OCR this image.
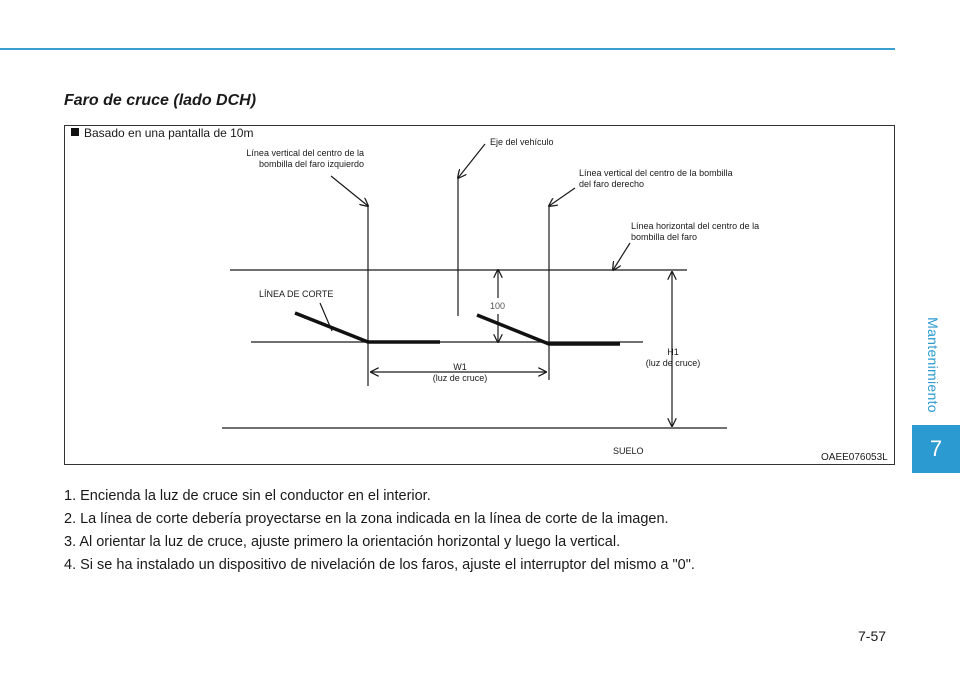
Mantenimiento
7
Faro de cruce (lado DCH)
Basado en una pantalla de 10m
Línea vertical del centro de la
bombilla del faro izquierdo
Eje del vehículo
Línea vertical del centro de la bombilla
del faro derecho
Línea horizontal del centro de la
bombilla del faro
LÍNEA DE CORTE
100
W1
(luz de cruce)
H1
(luz de cruce)
SUELO
OAEE076053L
1. Encienda la luz de cruce sin el conductor en el interior.
2. La línea de corte debería proyectarse en la zona indicada en la línea de corte de la imagen.
3. Al orientar la luz de cruce, ajuste primero la orientación horizontal y luego la vertical.
4. Si se ha instalado un dispositivo de nivelación de los faros, ajuste el interruptor del mismo a "0".
7-57
